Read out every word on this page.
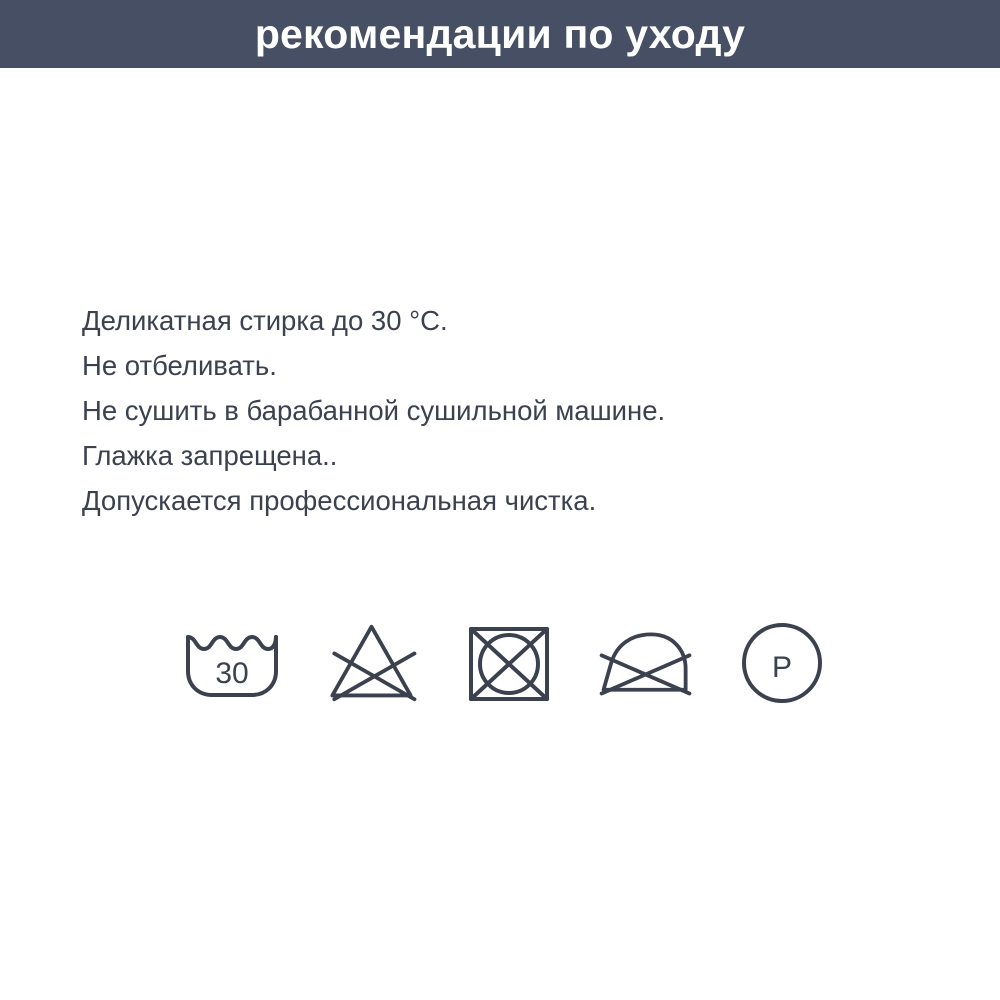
рекомендации по уходу
Деликатная стирка до 30 °C.
Не отбеливать.
Не сушить в барабанной сушильной машине.
Глажка запрещена..
Допускается профессиональная чистка.
30	P
